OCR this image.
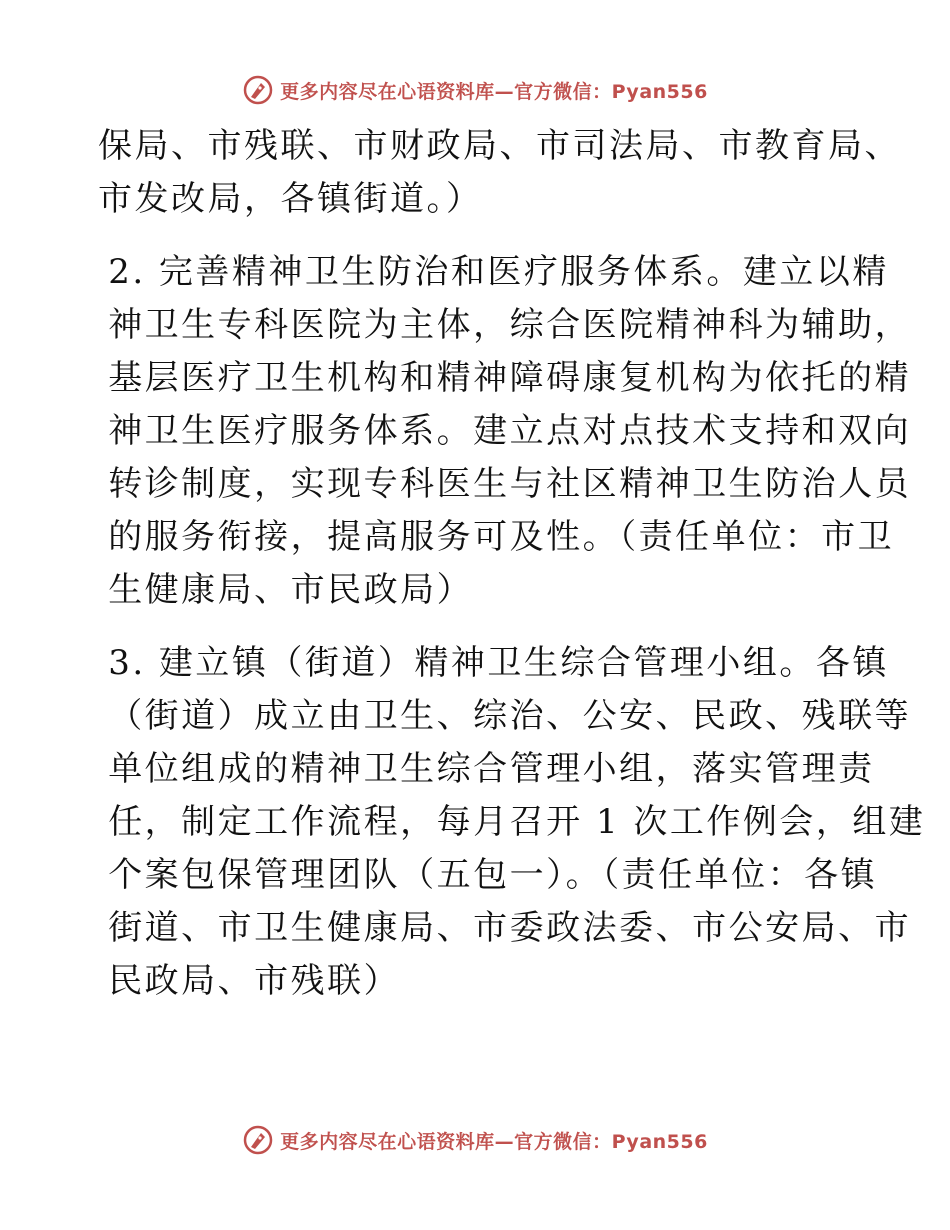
更多内容尽在心语资料库—官方微信：Pyan556

保局、市残联、市财政局、市司法局、市教育局、
市发改局，各镇街道。）

2. 完善精神卫生防治和医疗服务体系。建立以精
神卫生专科医院为主体，综合医院精神科为辅助，
基层医疗卫生机构和精神障碍康复机构为依托的精
神卫生医疗服务体系。建立点对点技术支持和双向
转诊制度，实现专科医生与社区精神卫生防治人员
的服务衔接，提高服务可及性。（责任单位：市卫
生健康局、市民政局）

3. 建立镇（街道）精神卫生综合管理小组。各镇
（街道）成立由卫生、综治、公安、民政、残联等
单位组成的精神卫生综合管理小组，落实管理责
任，制定工作流程，每月召开 1 次工作例会，组建
个案包保管理团队（五包一）。（责任单位：各镇
街道、市卫生健康局、市委政法委、市公安局、市
民政局、市残联）

更多内容尽在心语资料库—官方微信：Pyan556
